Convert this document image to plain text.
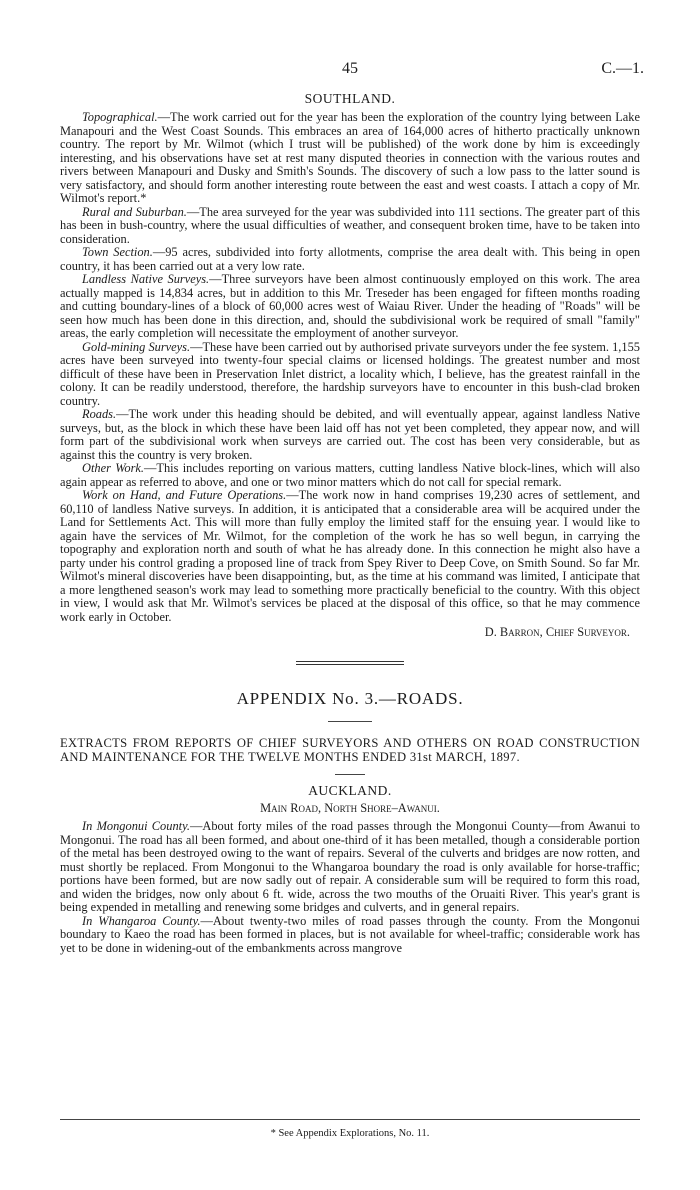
45	C.—1.
SOUTHLAND.

Topographical.—The work carried out for the year has been the exploration of the country lying between Lake Manapouri and the West Coast Sounds. This embraces an area of 164,000 acres of hitherto practically unknown country. The report by Mr. Wilmot (which I trust will be published) of the work done by him is exceedingly interesting, and his observations have set at rest many disputed theories in connection with the various routes and rivers between Manapouri and Dusky and Smith's Sounds. The discovery of such a low pass to the latter sound is very satisfactory, and should form another interesting route between the east and west coasts. I attach a copy of Mr. Wilmot's report.*

Rural and Suburban.—The area surveyed for the year was subdivided into 111 sections. The greater part of this has been in bush-country, where the usual difficulties of weather, and consequent broken time, have to be taken into consideration.

Town Section.—95 acres, subdivided into forty allotments, comprise the area dealt with. This being in open country, it has been carried out at a very low rate.

Landless Native Surveys.—Three surveyors have been almost continuously employed on this work. The area actually mapped is 14,834 acres, but in addition to this Mr. Treseder has been engaged for fifteen months roading and cutting boundary-lines of a block of 60,000 acres west of Waiau River. Under the heading of "Roads" will be seen how much has been done in this direction, and, should the subdivisional work be required of small "family" areas, the early completion will necessitate the employment of another surveyor.

Gold-mining Surveys.—These have been carried out by authorised private surveyors under the fee system. 1,155 acres have been surveyed into twenty-four special claims or licensed holdings. The greatest number and most difficult of these have been in Preservation Inlet district, a locality which, I believe, has the greatest rainfall in the colony. It can be readily understood, therefore, the hardship surveyors have to encounter in this bush-clad broken country.

Roads.—The work under this heading should be debited, and will eventually appear, against landless Native surveys, but, as the block in which these have been laid off has not yet been completed, they appear now, and will form part of the subdivisional work when surveys are carried out. The cost has been very considerable, but as against this the country is very broken.

Other Work.—This includes reporting on various matters, cutting landless Native block-lines, which will also again appear as referred to above, and one or two minor matters which do not call for special remark.

Work on Hand, and Future Operations.—The work now in hand comprises 19,230 acres of settlement, and 60,110 of landless Native surveys. In addition, it is anticipated that a considerable area will be acquired under the Land for Settlements Act. This will more than fully employ the limited staff for the ensuing year. I would like to again have the services of Mr. Wilmot, for the completion of the work he has so well begun, in carrying the topography and exploration north and south of what he has already done. In this connection he might also have a party under his control grading a proposed line of track from Spey River to Deep Cove, on Smith Sound. So far Mr. Wilmot's mineral discoveries have been disappointing, but, as the time at his command was limited, I anticipate that a more lengthened season's work may lead to something more practically beneficial to the country. With this object in view, I would ask that Mr. Wilmot's services be placed at the disposal of this office, so that he may commence work early in October.

D. Barron, Chief Surveyor.
APPENDIX No. 3.—ROADS.
EXTRACTS FROM REPORTS OF CHIEF SURVEYORS AND OTHERS ON ROAD CONSTRUCTION AND MAINTENANCE FOR THE TWELVE MONTHS ENDED 31st MARCH, 1897.
AUCKLAND.
Main Road, North Shore–Awanui.

In Mongonui County.—About forty miles of the road passes through the Mongonui County—from Awanui to Mongonui. The road has all been formed, and about one-third of it has been metalled, though a considerable portion of the metal has been destroyed owing to the want of repairs. Several of the culverts and bridges are now rotten, and must shortly be replaced. From Mongonui to the Whangaroa boundary the road is only available for horse-traffic; portions have been formed, but are now sadly out of repair. A considerable sum will be required to form this road, and widen the bridges, now only about 6 ft. wide, across the two mouths of the Oruaiti River. This year's grant is being expended in metalling and renewing some bridges and culverts, and in general repairs.

In Whangaroa County.—About twenty-two miles of road passes through the county. From the Mongonui boundary to Kaeo the road has been formed in places, but is not available for wheel-traffic; considerable work has yet to be done in widening-out of the embankments across mangrove

* See Appendix Explorations, No. 11.
